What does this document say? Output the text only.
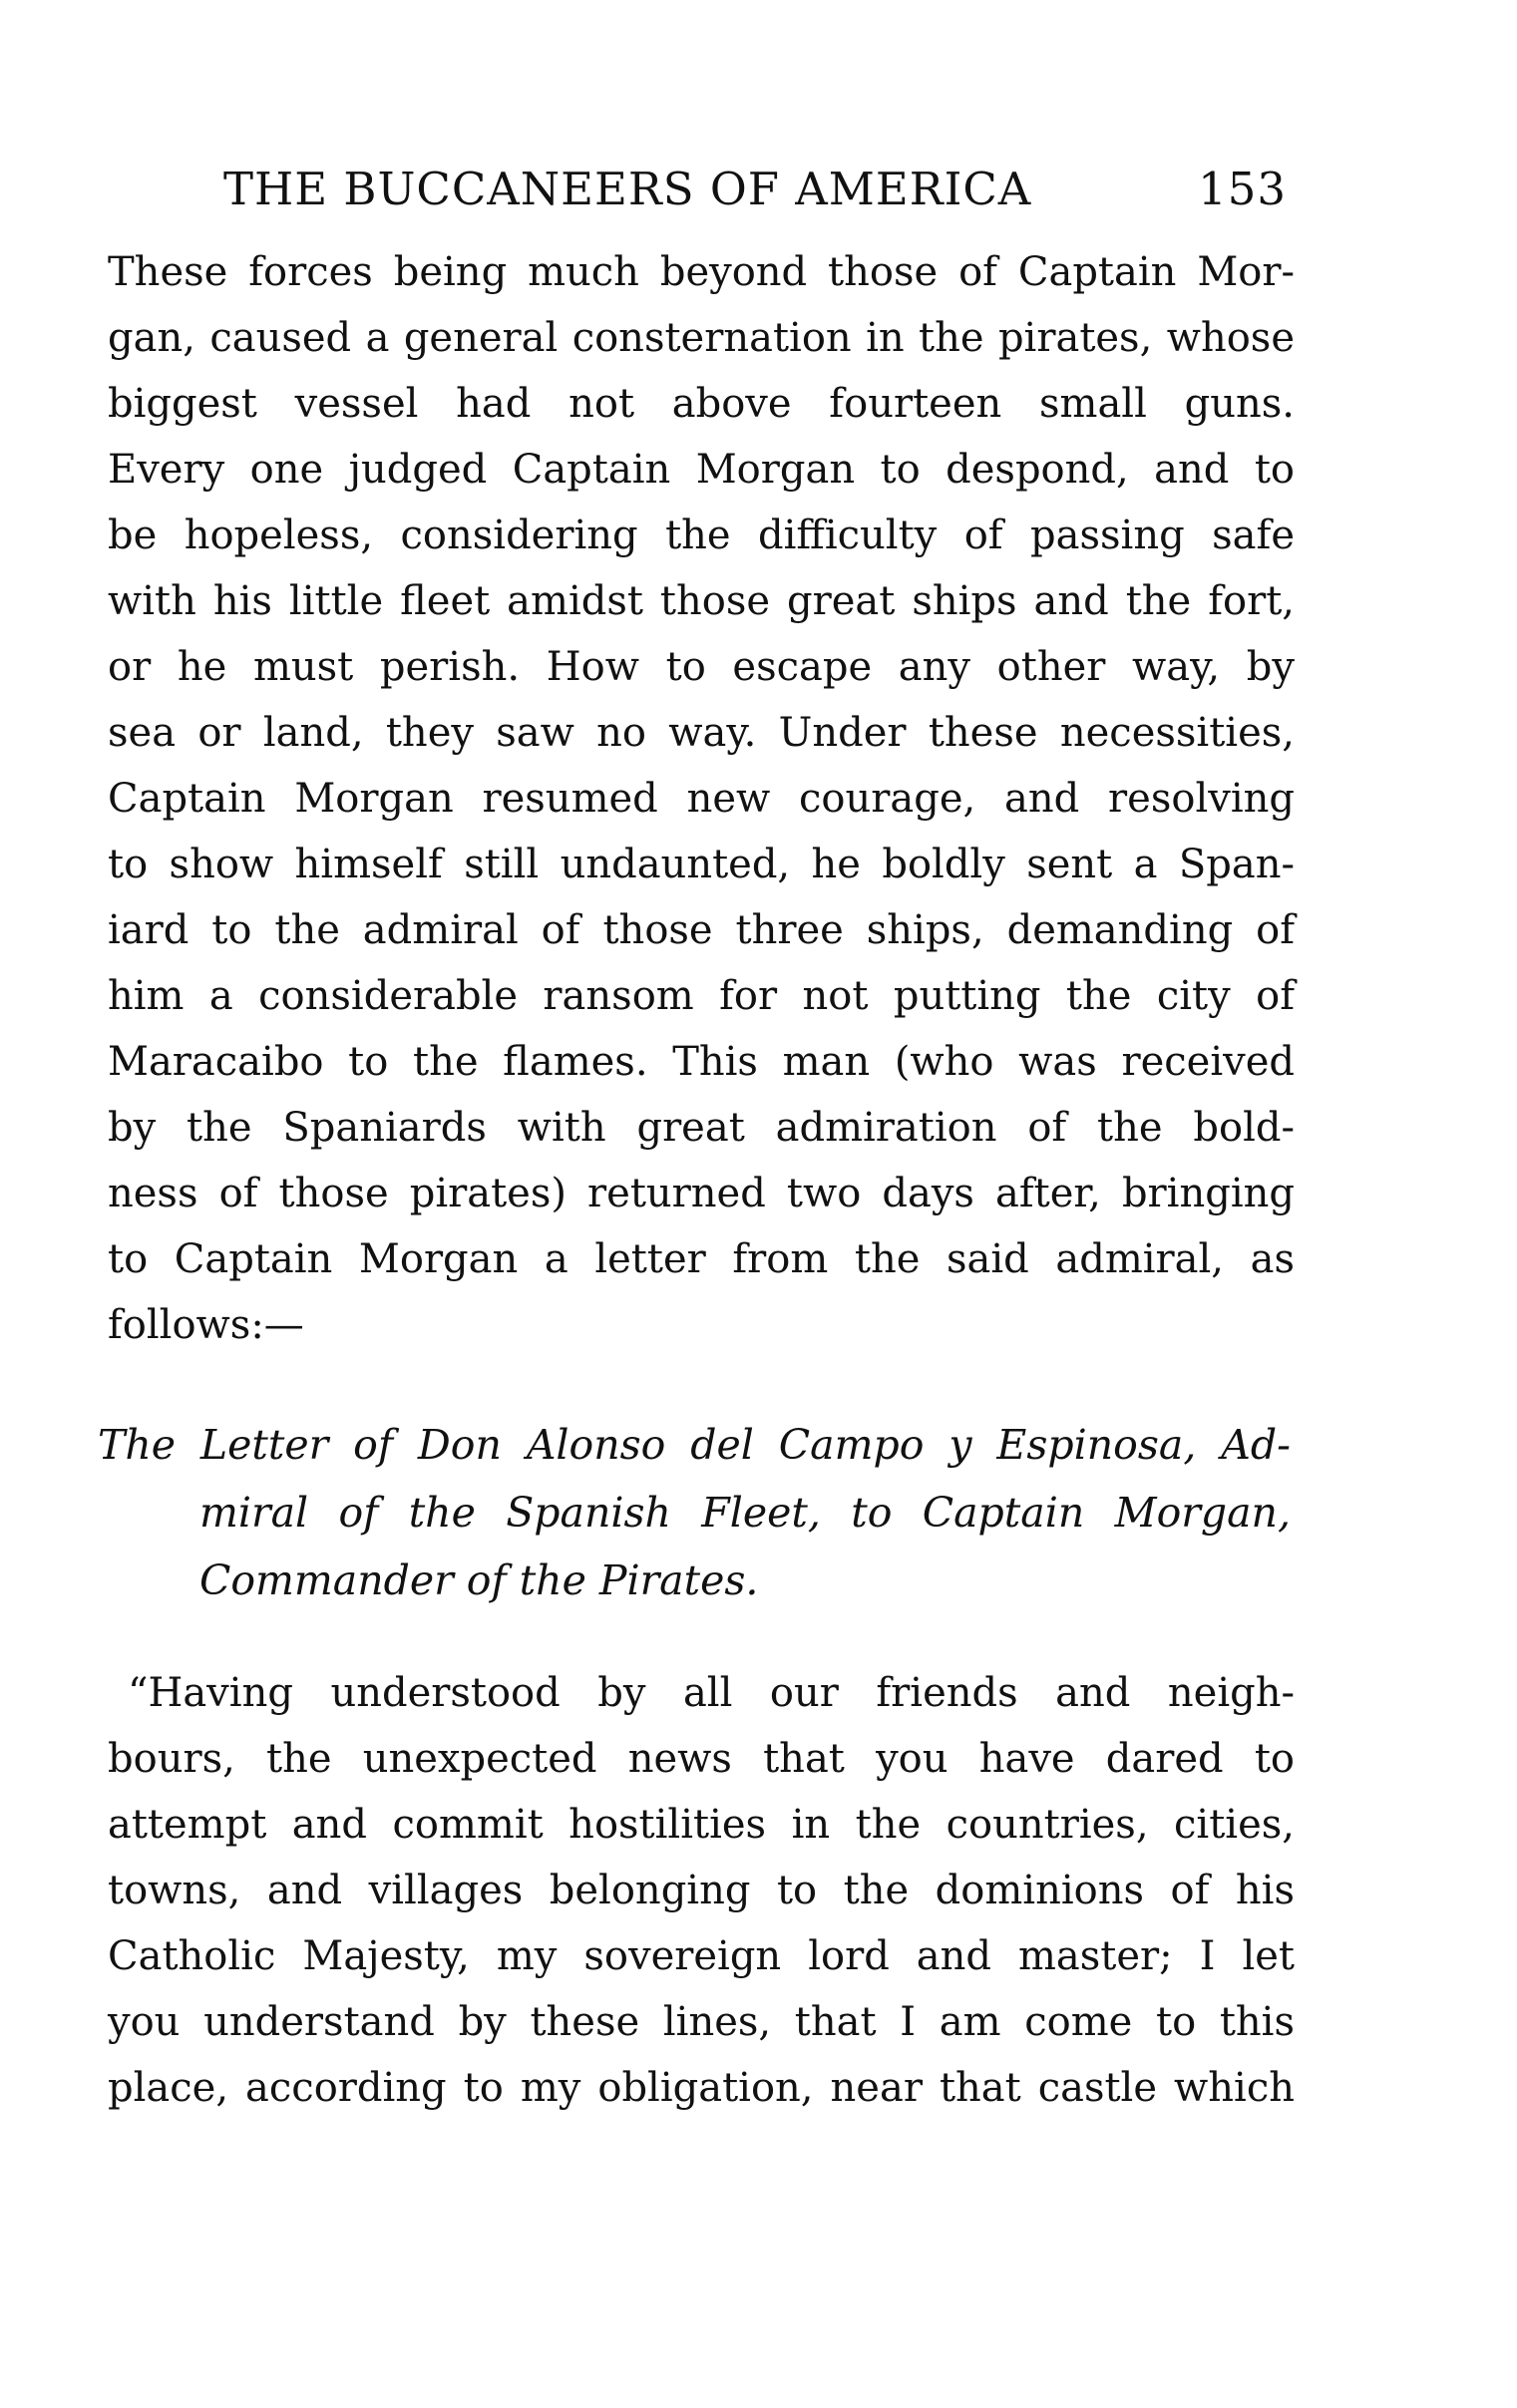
THE BUCCANEERS OF AMERICA	153
These forces being much beyond those of Captain Mor-
gan, caused a general consternation in the pirates, whose
biggest vessel had not above fourteen small guns.
Every one judged Captain Morgan to despond, and to
be hopeless, considering the difficulty of passing safe
with his little fleet amidst those great ships and the fort,
or he must perish. How to escape any other way, by
sea or land, they saw no way. Under these necessities,
Captain Morgan resumed new courage, and resolving
to show himself still undaunted, he boldly sent a Span-
iard to the admiral of those three ships, demanding of
him a considerable ransom for not putting the city of
Maracaibo to the flames. This man (who was received
by the Spaniards with great admiration of the bold-
ness of those pirates) returned two days after, bringing
to Captain Morgan a letter from the said admiral, as
follows:—
The Letter of Don Alonso del Campo y Espinosa, Ad-
miral of the Spanish Fleet, to Captain Morgan,
Commander of the Pirates.
“Having understood by all our friends and neigh-
bours, the unexpected news that you have dared to
attempt and commit hostilities in the countries, cities,
towns, and villages belonging to the dominions of his
Catholic Majesty, my sovereign lord and master; I let
you understand by these lines, that I am come to this
place, according to my obligation, near that castle which
